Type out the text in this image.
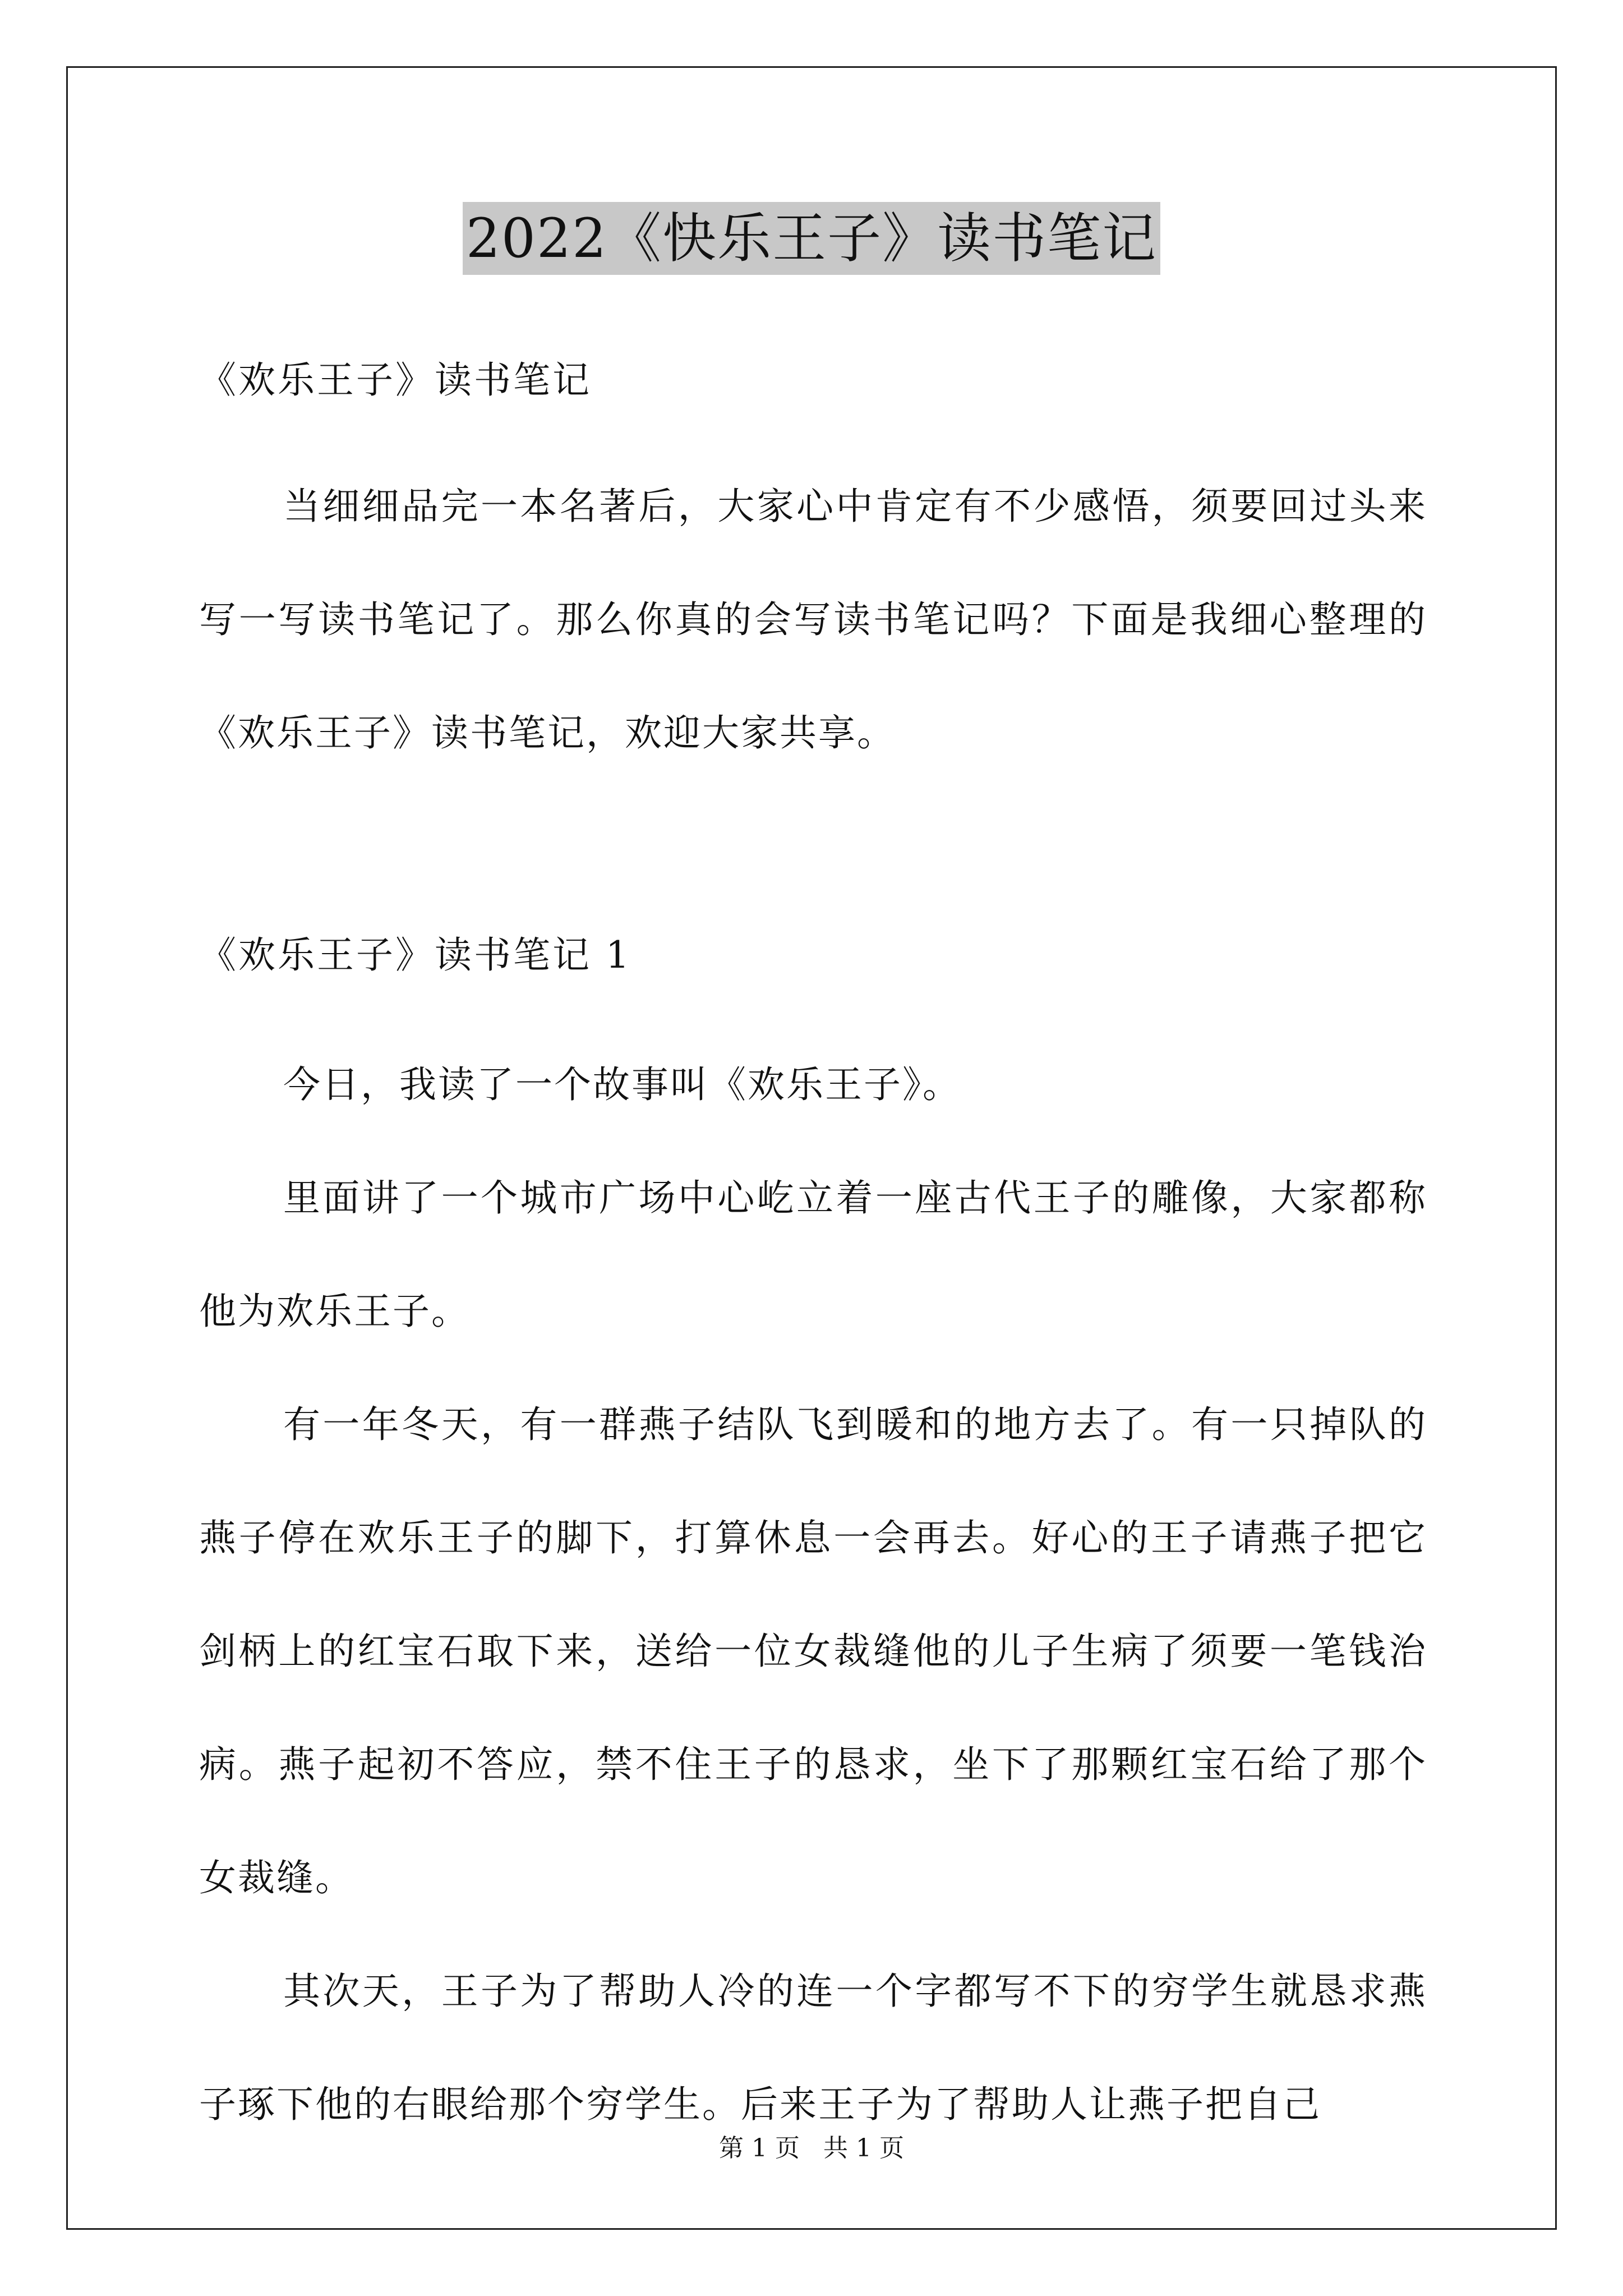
2022《快乐王子》读书笔记

《欢乐王子》读书笔记

当细细品完一本名著后，大家心中肯定有不少感悟，须要回过头来写一写读书笔记了。那么你真的会写读书笔记吗？下面是我细心整理的《欢乐王子》读书笔记，欢迎大家共享。

《欢乐王子》读书笔记 1

今日，我读了一个故事叫《欢乐王子》。

里面讲了一个城市广场中心屹立着一座古代王子的雕像，大家都称他为欢乐王子。

有一年冬天，有一群燕子结队飞到暖和的地方去了。有一只掉队的燕子停在欢乐王子的脚下，打算休息一会再去。好心的王子请燕子把它剑柄上的红宝石取下来，送给一位女裁缝他的儿子生病了须要一笔钱治病。燕子起初不答应，禁不住王子的恳求，坐下了那颗红宝石给了那个女裁缝。

其次天，王子为了帮助人冷的连一个字都写不下的穷学生就恳求燕子琢下他的右眼给那个穷学生。后来王子为了帮助人让燕子把自己

第 1 页   共 1 页
